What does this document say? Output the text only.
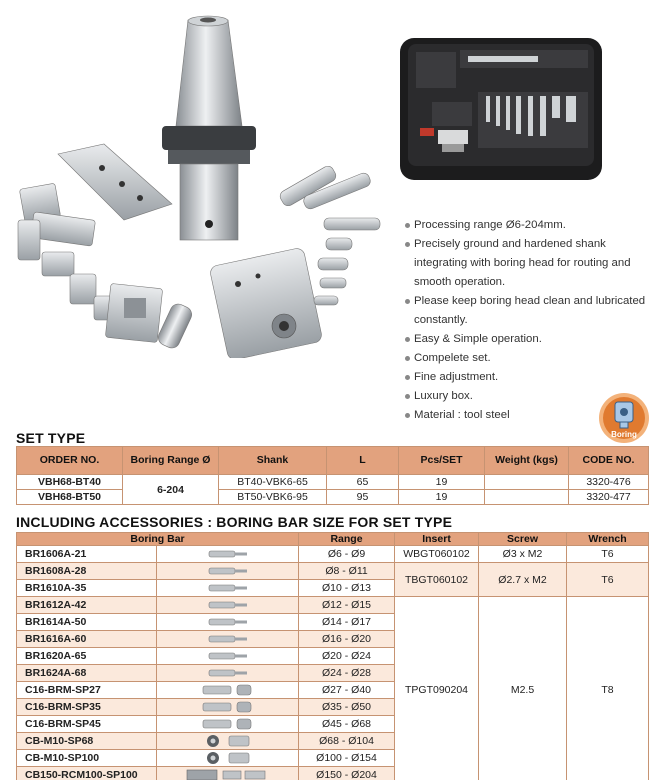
Processing range Ø6-204mm.
Precisely ground and hardened shank integrating with boring head for routing and smooth operation.
Please keep boring head clean and lubricated constantly.
Easy & Simple operation.
Compelete set.
Fine adjustment.
Luxury box.
Material : tool steel
Boring
SET TYPE
ORDER NO.	Boring Range Ø	Shank	L	Pcs/SET	Weight (kgs)	CODE NO.
VBH68-BT40	6-204	BT40-VBK6-65	65	19		3320-476
VBH68-BT50		BT50-VBK6-95	95	19		3320-477
INCLUDING ACCESSORIES : BORING BAR SIZE FOR SET TYPE
Boring Bar		Range	Insert	Screw	Wrench
BR1606A-21		Ø6 - Ø9	WBGT060102	Ø3 x M2	T6
BR1608A-28		Ø8 - Ø11	TBGT060102	Ø2.7 x M2	T6
BR1610A-35		Ø10 - Ø13			
BR1612A-42		Ø12 - Ø15	TPGT090204	M2.5	T8
BR1614A-50		Ø14 - Ø17			
BR1616A-60		Ø16 - Ø20			
BR1620A-65		Ø20 - Ø24			
BR1624A-68		Ø24 - Ø28			
C16-BRM-SP27		Ø27 - Ø40			
C16-BRM-SP35		Ø35 - Ø50			
C16-BRM-SP45		Ø45 - Ø68			
CB-M10-SP68		Ø68 - Ø104			
CB-M10-SP100		Ø100 - Ø154			
CB150-RCM100-SP100		Ø150 - Ø204			
